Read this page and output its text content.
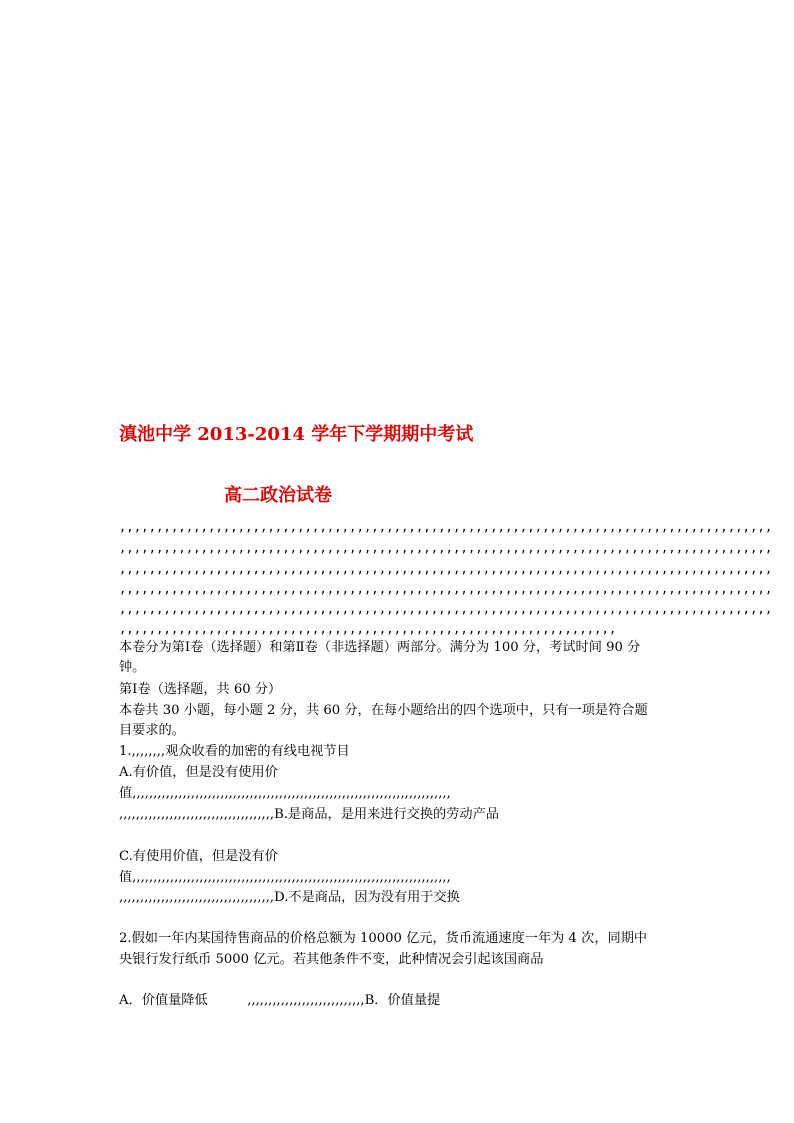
滇池中学 2013-2014 学年下学期期中考试
高二政治试卷
,,,,,,,,,,,,,,,,,,,,,,,,,,,,,,,,,,,,,,,,,,,,,,,,,,,,,,,,,,,,,,,,,,,,,,,,,,,,,,,,,,,,,,,,
,,,,,,,,,,,,,,,,,,,,,,,,,,,,,,,,,,,,,,,,,,,,,,,,,,,,,,,,,,,,,,,,,,,,,,,,,,,,,,,,,,,,,,,,
,,,,,,,,,,,,,,,,,,,,,,,,,,,,,,,,,,,,,,,,,,,,,,,,,,,,,,,,,,,,,,,,,,,,,,,,,,,,,,,,,,,,,,,,
,,,,,,,,,,,,,,,,,,,,,,,,,,,,,,,,,,,,,,,,,,,,,,,,,,,,,,,,,,,,,,,,,,,,,,,,,,,,,,,,,,,,,,,,
,,,,,,,,,,,,,,,,,,,,,,,,,,,,,,,,,,,,,,,,,,,,,,,,,,,,,,,,,,,,,,,,,,,,,,,,,,,,,,,,,,,,,,,,
,,,,,,,,,,,,,,,,,,,,,,,,,,,,,,,,,,,,,,,,,,,,,,,,,,,,,,,,,,,,,,,,,,,
本卷分为第Ⅰ卷（选择题）和第Ⅱ卷（非选择题）两部分。满分为 100 分，考试时间 90 分
钟。
第Ⅰ卷（选择题，共 60 分）
本卷共 30 小题，每小题 2 分，共 60 分，在每小题给出的四个选项中，只有一项是符合题
目要求的。
1.,,,,,,,,观众收看的加密的有线电视节目
A.有价值，但是没有使用价
值,,,,,,,,,,,,,,,,,,,,,,,,,,,,,,,,,,,,,,,,,,,,,,,,,,,,,,,,,,,,,,,,,,,,,,,,,,,,
,,,,,,,,,,,,,,,,,,,,,,,,,,,,,,,,,,,,,B.是商品，是用来进行交换的劳动产品
C.有使用价值，但是没有价
值,,,,,,,,,,,,,,,,,,,,,,,,,,,,,,,,,,,,,,,,,,,,,,,,,,,,,,,,,,,,,,,,,,,,,,,,,,,,
,,,,,,,,,,,,,,,,,,,,,,,,,,,,,,,,,,,,,D.不是商品，因为没有用于交换
2.假如一年内某国待售商品的价格总额为 10000 亿元，货币流通速度一年为 4 次，同期中
央银行发行纸币 5000 亿元。若其他条件不变，此种情况会引起该国商品
A．价值量降低　　　,,,,,,,,,,,,,,,,,,,,,,,,,,,,B．价值量提
